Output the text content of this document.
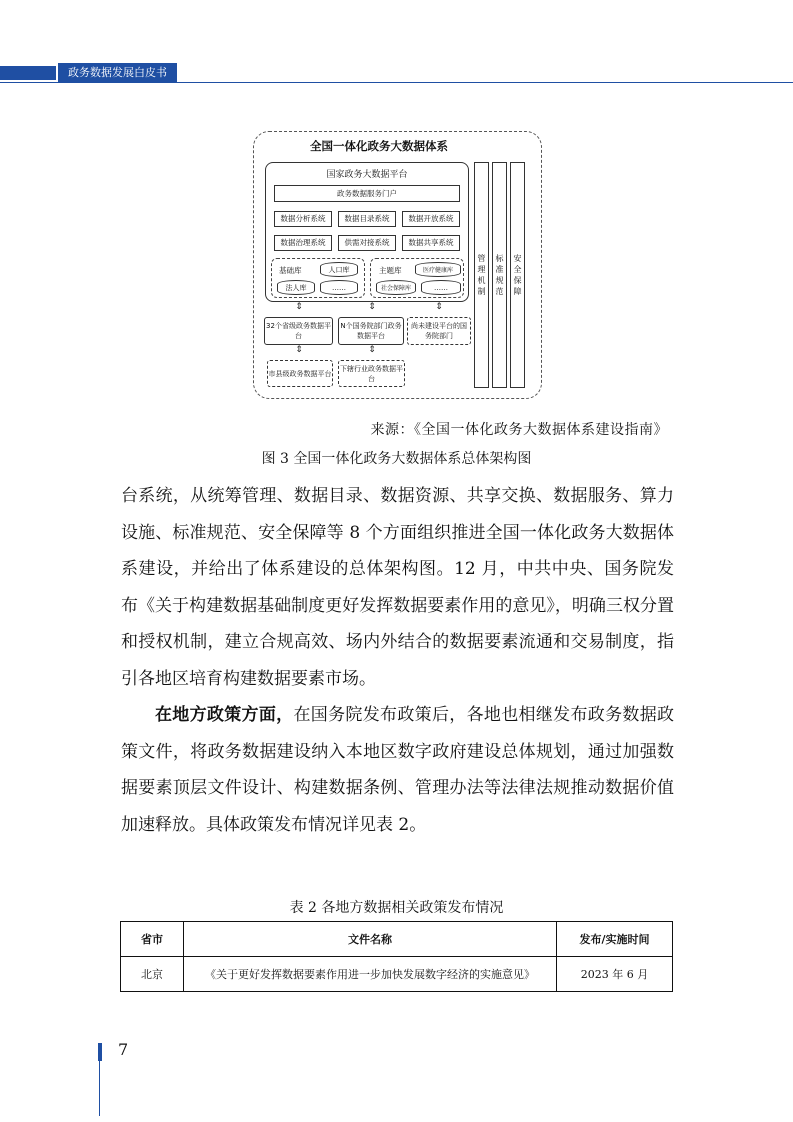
政务数据发展白皮书
全国一体化政务大数据体系
国家政务大数据平台
政务数据服务门户
数据分析系统	数据目录系统	数据开放系统
数据治理系统	供需对接系统	数据共享系统
基础库	人口库
法人库	……
主题库	医疗健康库
社会保障库	……
⇕	⇕	⇕
32个省级政务数据平台
N个国务院部门政务数据平台
尚未建设平台的国务院部门
⇕	⇕
市县级政务数据平台
下辖行业政务数据平台
管理机制
标准规范
安全保障
来源：《全国一体化政务大数据体系建设指南》
图 3 全国一体化政务大数据体系总体架构图

台系统，从统筹管理、数据目录、数据资源、共享交换、数据服务、算力设施、标准规范、安全保障等 8 个方面组织推进全国一体化政务大数据体系建设，并给出了体系建设的总体架构图。12 月，中共中央、国务院发布《关于构建数据基础制度更好发挥数据要素作用的意见》，明确三权分置和授权机制，建立合规高效、场内外结合的数据要素流通和交易制度，指引各地区培育构建数据要素市场。

在地方政策方面，在国务院发布政策后，各地也相继发布政务数据政策文件，将政务数据建设纳入本地区数字政府建设总体规划，通过加强数据要素顶层文件设计、构建数据条例、管理办法等法律法规推动数据价值加速释放。具体政策发布情况详见表 2。

表 2 各地方数据相关政策发布情况
省市	文件名称	发布/实施时间
北京	《关于更好发挥数据要素作用进一步加快发展数字经济的实施意见》	2023 年 6 月
7
